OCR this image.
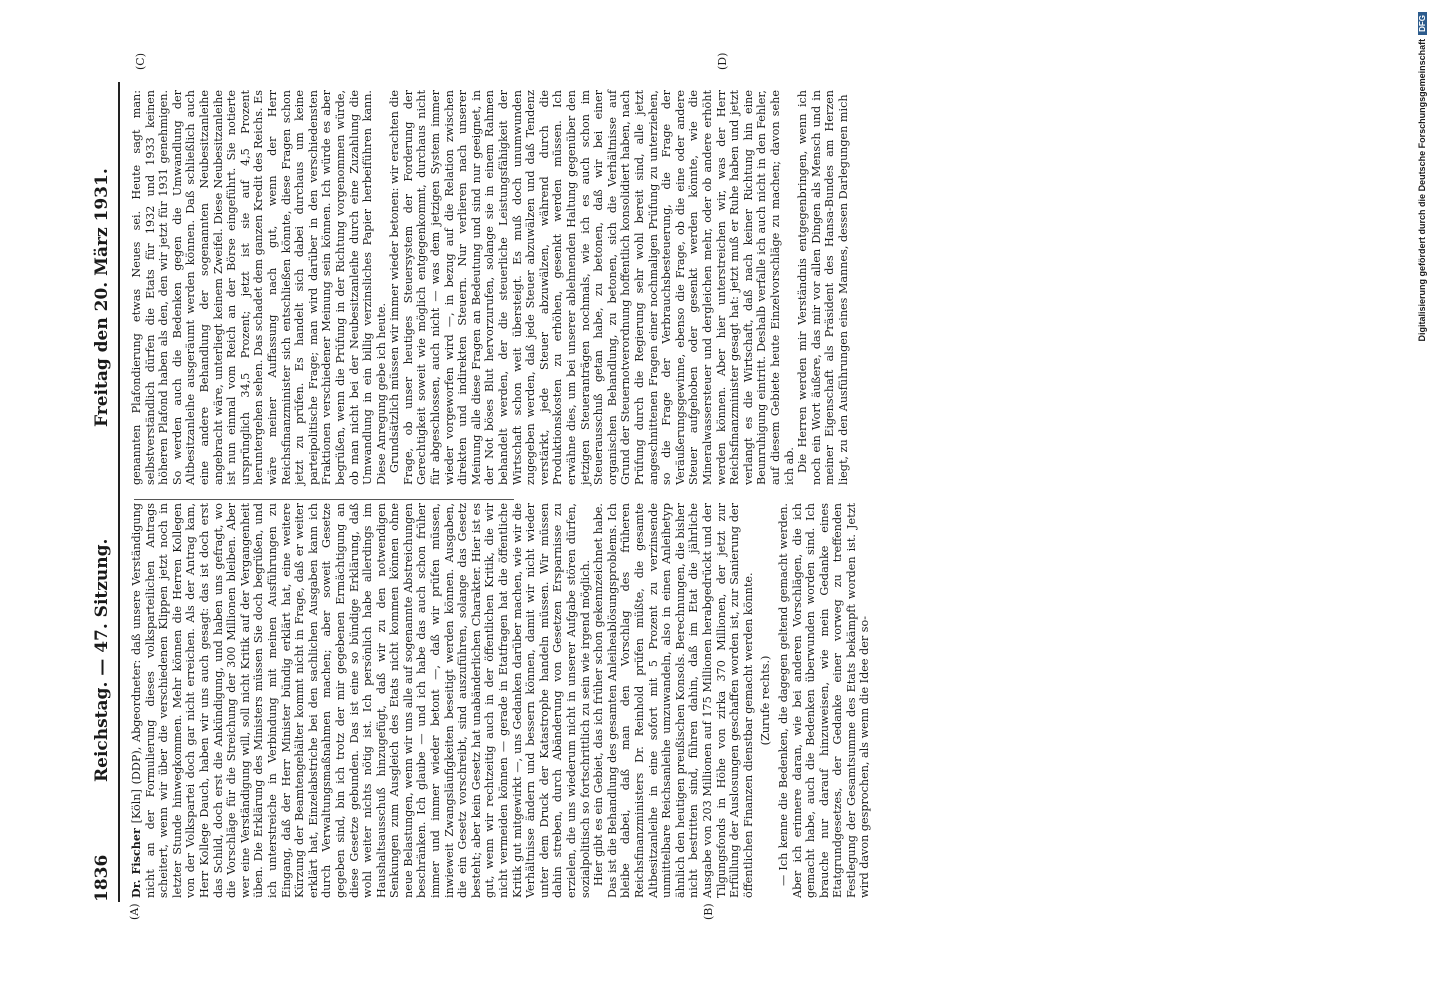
1836
Reichstag. — 47. Sitzung.
Freitag den 20. März 1931.
(A)	(B)
(C)	(D)

Dr. Fischer [Köln] (DDP), Abgeordneter: daß unsere Verständigung nicht an der Formulierung dieses volksparteilichen Antrags scheitert, wenn wir über die verschiedenen Klippen jetzt noch in letzter Stunde hinwegkommen. Mehr können die Herren Kollegen von der Volkspartei doch gar nicht erreichen. Als der Antrag kam, Herr Kollege Dauch, haben wir uns auch gesagt: das ist doch erst das Schild, doch erst die Ankündigung, und haben uns gefragt, wo die Vorschläge für die Streichung der 300 Millionen bleiben. Aber wer eine Verständigung will, soll nicht Kritik auf der Vergangenheit üben. Die Erklärung des Ministers müssen Sie doch begrüßen, und ich unterstreiche in Verbindung mit meinen Ausführungen zu Eingang, daß der Herr Minister bündig erklärt hat, eine weitere Kürzung der Beamtengehälter kommt nicht in Frage, daß er weiter erklärt hat, Einzelabstriche bei den sachlichen Ausgaben kann ich durch Verwaltungsmaßnahmen machen; aber soweit Gesetze gegeben sind, bin ich trotz der mir gegebenen Ermächtigung an diese Gesetze gebunden. Das ist eine so bündige Erklärung, daß wohl weiter nichts nötig ist. Ich persönlich habe allerdings im Haushaltsausschuß hinzugefügt, daß wir zu den notwendigen Senkungen zum Ausgleich des Etats nicht kommen können ohne neue Belastungen, wenn wir uns alle auf sogenannte Abstreichungen beschränken. Ich glaube — und ich habe das auch schon früher immer und immer wieder betont —, daß wir prüfen müssen, inwieweit Zwangsläufigkeiten beseitigt werden können. Ausgaben, die ein Gesetz vorschreibt, sind auszuführen, solange das Gesetz besteht; aber kein Gesetz hat unabänderlichen Charakter. Hier ist es gut, wenn wir rechtzeitig auch in der öffentlichen Kritik, die wir nicht vermeiden können — gerade in Etatfragen hat die öffentliche Kritik gut mitgewirkt —, uns Gedanken darüber machen, wie wir die Verhältnisse ändern und bessern können, damit wir nicht wieder unter dem Druck der Katastrophe handeln müssen. Wir müssen dahin streben, durch Abänderung von Gesetzen Ersparnisse zu erzielen, die uns wiederum nicht in unserer Aufgabe stören dürfen, sozialpolitisch so fortschrittlich zu sein wie irgend möglich. Hier gibt es ein Gebiet, das ich früher schon gekennzeichnet habe. Das ist die Behandlung des gesamten Anleiheablösungsproblems. Ich bleibe dabei, daß man den Vorschlag des früheren Reichsfinanzministers Dr. Reinhold prüfen müßte, die gesamte Altbesitzanleihe in eine sofort mit 5 Prozent zu verzinsende unmittelbare Reichsanleihe umzuwandeln, also in einen Anleihetyp ähnlich den heutigen preußischen Konsols. Berechnungen, die bisher nicht bestritten sind, führen dahin, daß im Etat die jährliche Ausgabe von 203 Millionen auf 175 Millionen herabgedrückt und der Tilgungsfonds in Höhe von zirka 370 Millionen, der jetzt zur Erfüllung der Auslosungen geschaffen worden ist, zur Sanierung der öffentlichen Finanzen dienstbar gemacht werden könnte. (Zurufe rechts.) — Ich kenne die Bedenken, die dagegen geltend gemacht werden. Aber ich erinnere daran, wie bei anderen Vorschlägen, die ich gemacht habe, auch die Bedenken überwunden worden sind. Ich brauche nur darauf hinzuweisen, wie mein Gedanke eines Etatgrundgesetzes, der Gedanke einer vorweg zu treffenden Festlegung der Gesamtsumme des Etats bekämpft worden ist. Jetzt wird davon gesprochen, als wenn die Idee der so-

genannten Plafondierung etwas Neues sei. Heute sagt man: selbstverständlich dürfen die Etats für 1932 und 1933 keinen höheren Plafond haben als den, den wir jetzt für 1931 genehmigen. So werden auch die Bedenken gegen die Umwandlung der Altbesitzanleihe ausgeräumt werden können. Daß schließlich auch eine andere Behandlung der sogenannten Neubesitzanleihe angebracht wäre, unterliegt keinem Zweifel. Diese Neubesitzanleihe ist nun einmal vom Reich an der Börse eingeführt. Sie notierte ursprünglich 34,5 Prozent; jetzt ist sie auf 4,5 Prozent heruntergehen sehen. Das schadet dem ganzen Kredit des Reichs. Es wäre meiner Auffassung nach gut, wenn der Herr Reichsfinanzminister sich entschließen könnte, diese Fragen schon jetzt zu prüfen. Es handelt sich dabei durchaus um keine parteipolitische Frage; man wird darüber in den verschiedensten Fraktionen verschiedener Meinung sein können. Ich würde es aber begrüßen, wenn die Prüfung in der Richtung vorgenommen würde, ob man nicht bei der Neubesitzanleihe durch eine Zuzahlung die Umwandlung in ein billig verzinsliches Papier herbeiführen kann. Diese Anregung gebe ich heute. Grundsätzlich müssen wir immer wieder betonen: wir erachten die Frage, ob unser heutiges Steuersystem der Forderung der Gerechtigkeit soweit wie möglich entgegenkommt, durchaus nicht für abgeschlossen, auch nicht — was dem jetzigen System immer wieder vorgeworfen wird —, in bezug auf die Relation zwischen direkten und indirekten Steuern. Nur verlieren nach unserer Meinung alle diese Fragen an Bedeutung und sind nur geeignet, in der Not böses Blut hervorzurufen, solange sie in einem Rahmen behandelt werden, der die steuerliche Leistungsfähigkeit der Wirtschaft schon weit übersteigt. Es muß doch unumwunden zugegeben werden, daß jede Steuer abzuwälzen und daß Tendenz verstärkt, jede Steuer abzuwälzen, während durch die Produktionskosten zu erhöhen, gesenkt werden müssen. Ich erwähne dies, um bei unserer ablehnenden Haltung gegenüber den jetzigen Steueranträgen nochmals, wie ich es auch schon im Steuerausschuß getan habe, zu betonen, daß wir bei einer organischen Behandlung, zu betonen, sich die Verhältnisse auf Grund der Steuernotverordnung hoffentlich konsolidiert haben, nach Prüfung durch die Regierung sehr wohl bereit sind, alle jetzt angeschnittenen Fragen einer nochmaligen Prüfung zu unterziehen, so die Frage der Verbrauchsbesteuerung, die Frage der Veräußerungsgewinne, ebenso die Frage, ob die eine oder andere Steuer aufgehoben oder gesenkt werden könnte, wie die Mineralwassersteuer und dergleichen mehr, oder ob andere erhöht werden können. Aber hier unterstreichen wir, was der Herr Reichsfinanzminister gesagt hat: jetzt muß er Ruhe haben und jetzt verlangt es die Wirtschaft, daß nach keiner Richtung hin eine Beunruhigung eintritt. Deshalb verfalle ich auch nicht in den Fehler, auf diesem Gebiete heute Einzelvorschläge zu machen; davon sehe ich ab. Die Herren werden mir Verständnis entgegenbringen, wenn ich noch ein Wort äußere, das mir vor allen Dingen als Mensch und in meiner Eigenschaft als Präsident des Hansa-Bundes am Herzen liegt, zu den Ausführungen eines Mannes, dessen Darlegungen mich	Digitalisierung gefördert durch die Deutsche Forschungsgemeinschaft
DFG
